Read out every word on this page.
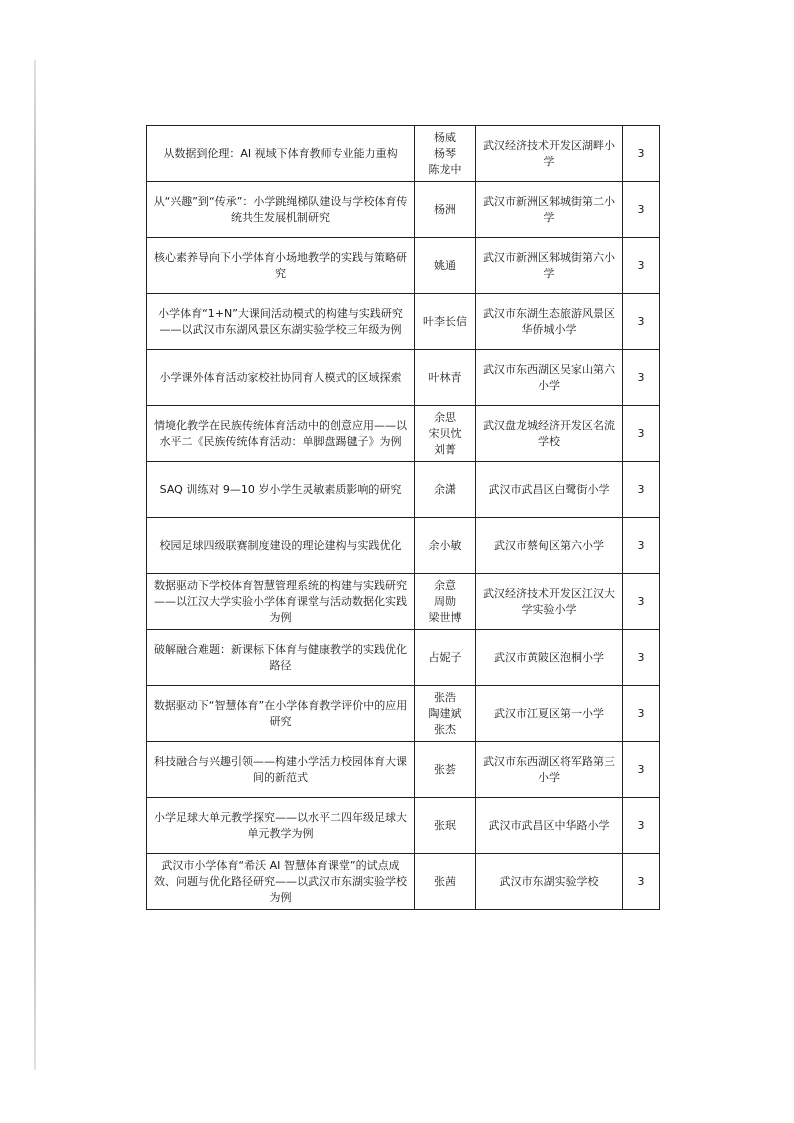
从数据到伦理：AI 视域下体育教师专业能力重构	杨威
杨琴
陈龙中	武汉经济技术开发区湖畔小学	3
从“兴趣”到“传承”：小学跳绳梯队建设与学校体育传统共生发展机制研究	杨洲	武汉市新洲区邾城街第二小学	3
核心素养导向下小学体育小场地教学的实践与策略研究	姚通	武汉市新洲区邾城街第六小学	3
小学体育“1+N”大课间活动模式的构建与实践研究——以武汉市东湖风景区东湖实验学校三年级为例	叶李长信	武汉市东湖生态旅游风景区华侨城小学	3
小学课外体育活动家校社协同育人模式的区域探索	叶林青	武汉市东西湖区吴家山第六小学	3
情境化教学在民族传统体育活动中的创意应用——以水平二《民族传统体育活动：单脚盘踢毽子》为例	余思
宋贝忱
刘菁	武汉盘龙城经济开发区名流学校	3
SAQ 训练对 9—10 岁小学生灵敏素质影响的研究	余潇	武汉市武昌区白鹭街小学	3
校园足球四级联赛制度建设的理论建构与实践优化	余小敏	武汉市蔡甸区第六小学	3
数据驱动下学校体育智慧管理系统的构建与实践研究——以江汉大学实验小学体育课堂与活动数据化实践为例	余意
周勋
梁世博	武汉经济技术开发区江汉大学实验小学	3
破解融合难题：新课标下体育与健康教学的实践优化路径	占妮子	武汉市黄陂区泡桐小学	3
数据驱动下“智慧体育”在小学体育教学评价中的应用研究	张浩
陶建斌
张杰	武汉市江夏区第一小学	3
科技融合与兴趣引领——构建小学活力校园体育大课间的新范式	张荟	武汉市东西湖区将军路第三小学	3
小学足球大单元教学探究——以水平二四年级足球大单元教学为例	张珉	武汉市武昌区中华路小学	3
武汉市小学体育“希沃 AI 智慧体育课堂”的试点成效、问题与优化路径研究——以武汉市东湖实验学校为例	张茜	武汉市东湖实验学校	3
